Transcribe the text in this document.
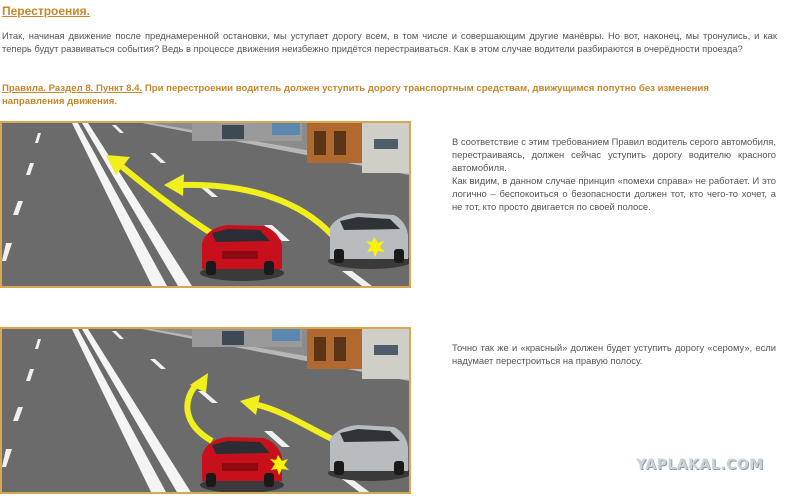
Перестроения.
Итак, начиная движение после преднамеренной остановки, мы уступает дорогу всем, в том числе и совершающим другие манёвры. Но вот, наконец, мы тронулись, и как теперь будут развиваться события? Ведь в процессе движения неизбежно придётся перестраиваться. Как в этом случае водители разбираются в очерёдности проезда?
Правила. Раздел 8. Пункт 8.4. При перестроении водитель должен уступить дорогу транспортным средствам, движущимся попутно без изменения направления движения.

В соответствие с этим требованием Правил водитель серого автомобиля, перестраиваясь, должен сейчас уступить дорогу водителю красного автомобиля.

Как видим, в данном случае принцип «помехи справа» не работает. И это логично – беспокоиться о безопасности должен тот, кто чего-то хочет, а не тот, кто просто двигается по своей полосе.

Точно так же и «красный» должен будет уступить дорогу «серому», если надумает перестроиться на правую полосу.

YAPLAKAL.COM
